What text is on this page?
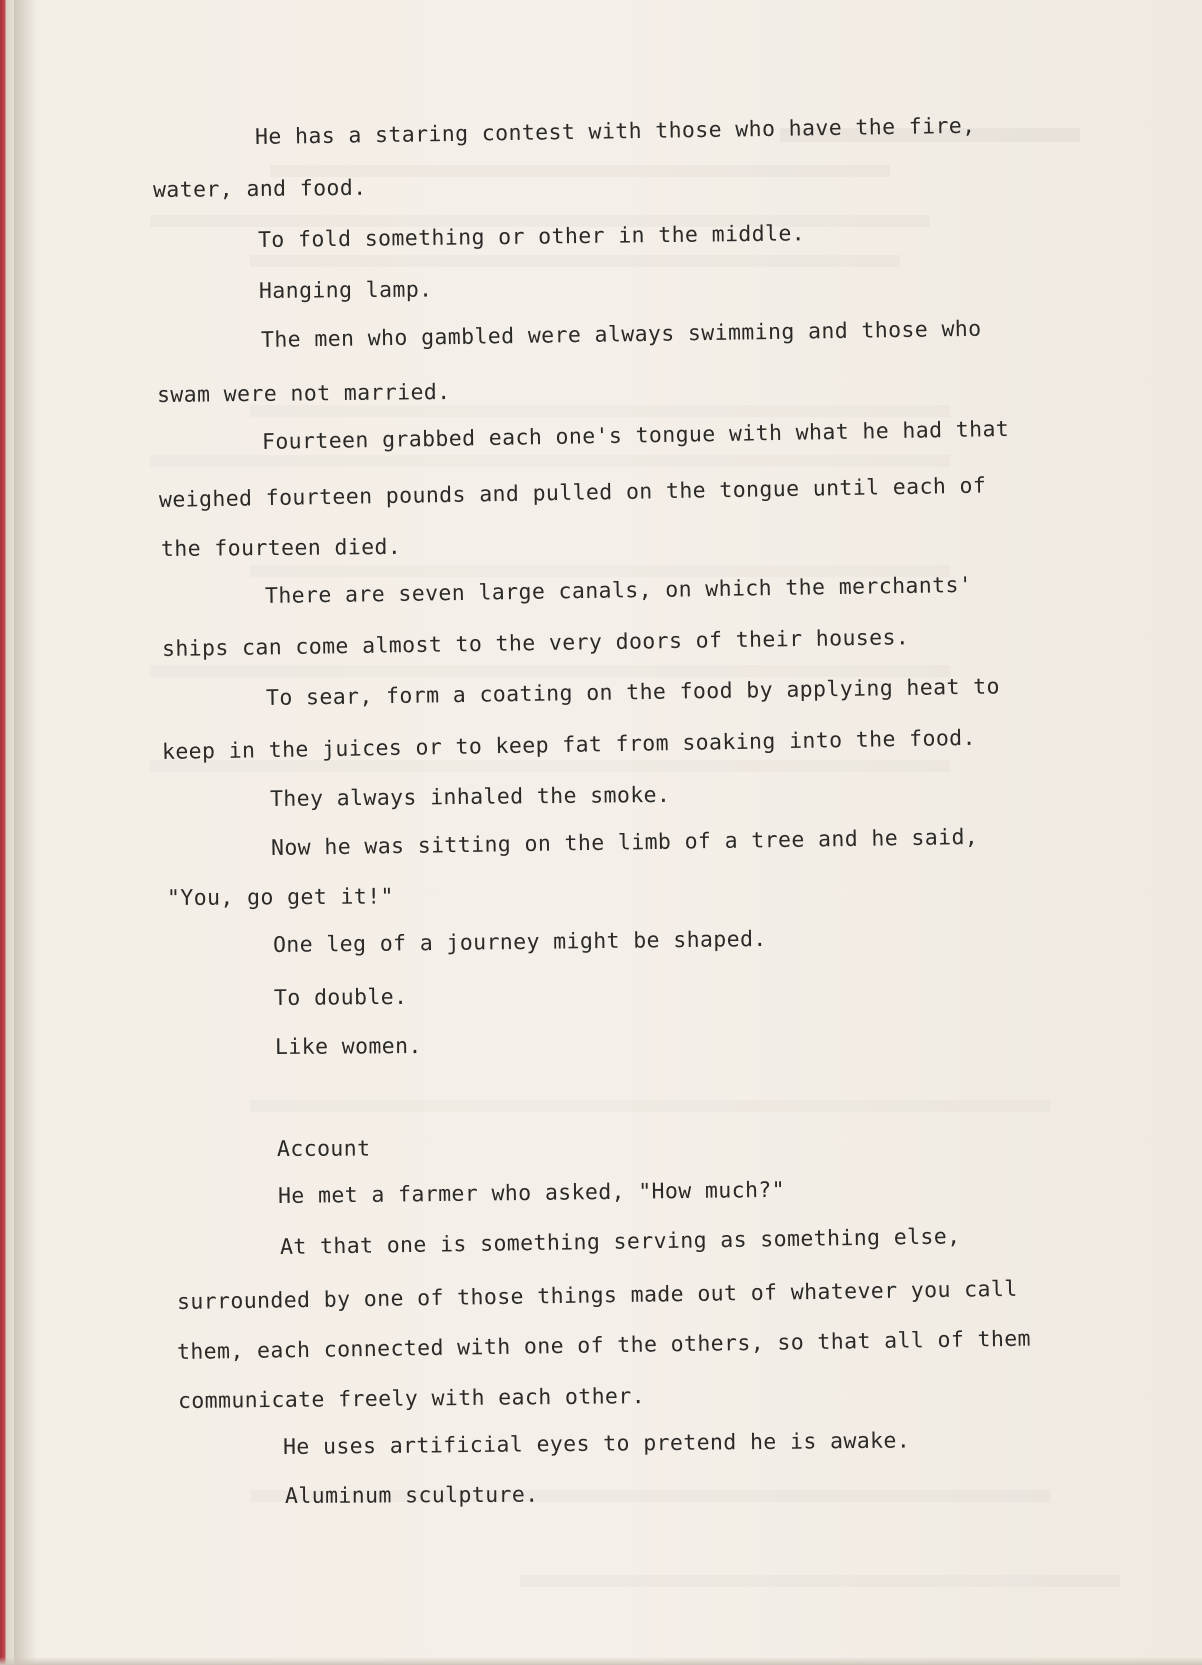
He has a staring contest with those who have the fire,
water, and food.
To fold something or other in the middle.
Hanging lamp.
The men who gambled were always swimming and those who
swam were not married.
Fourteen grabbed each one's tongue with what he had that
weighed fourteen pounds and pulled on the tongue until each of
the fourteen died.
There are seven large canals, on which the merchants'
ships can come almost to the very doors of their houses.
To sear, form a coating on the food by applying heat to
keep in the juices or to keep fat from soaking into the food.
They always inhaled the smoke.
Now he was sitting on the limb of a tree and he said,
"You, go get it!"
One leg of a journey might be shaped.
To double.
Like women.
Account
He met a farmer who asked, "How much?"
At that one is something serving as something else,
surrounded by one of those things made out of whatever you call
them, each connected with one of the others, so that all of them
communicate freely with each other.
He uses artificial eyes to pretend he is awake.
Aluminum sculpture.
